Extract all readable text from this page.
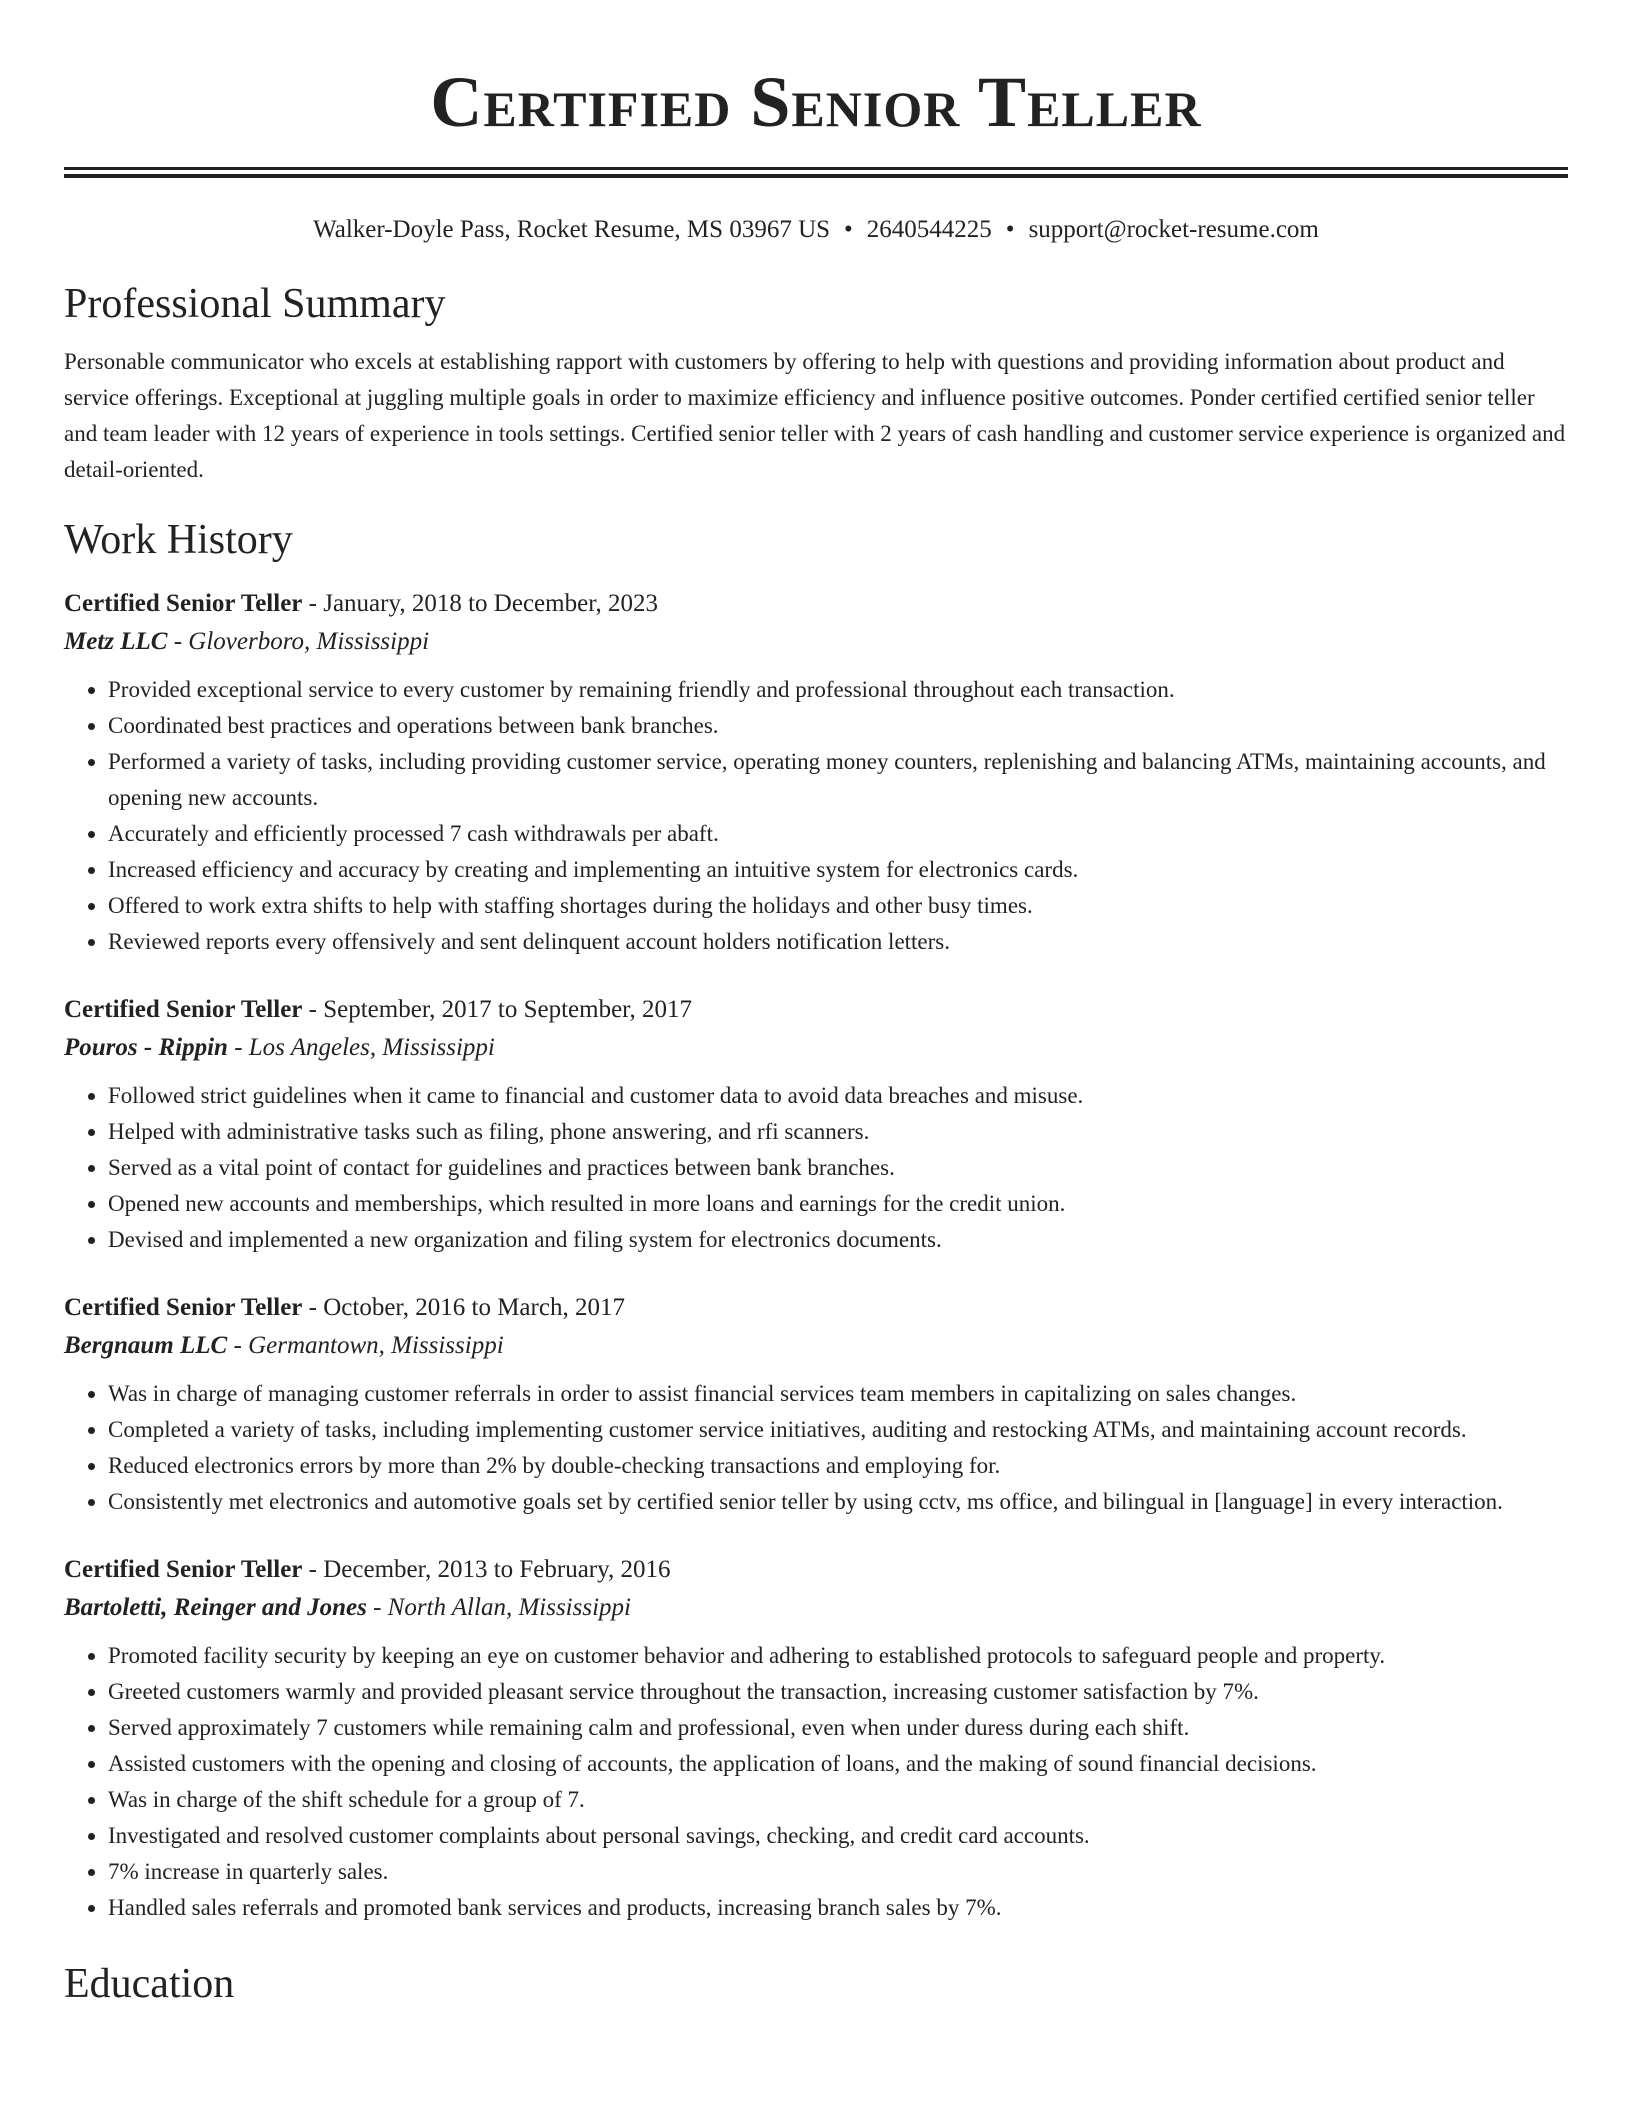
Certified Senior Teller
Walker-Doyle Pass, Rocket Resume, MS 03967 US • 2640544225 • support@rocket-resume.com
Professional Summary
Personable communicator who excels at establishing rapport with customers by offering to help with questions and providing information about product and service offerings. Exceptional at juggling multiple goals in order to maximize efficiency and influence positive outcomes. Ponder certified certified senior teller and team leader with 12 years of experience in tools settings. Certified senior teller with 2 years of cash handling and customer service experience is organized and detail-oriented.
Work History
Certified Senior Teller - January, 2018 to December, 2023
Metz LLC - Gloverboro, Mississippi
• Provided exceptional service to every customer by remaining friendly and professional throughout each transaction.
• Coordinated best practices and operations between bank branches.
• Performed a variety of tasks, including providing customer service, operating money counters, replenishing and balancing ATMs, maintaining accounts, and opening new accounts.
• Accurately and efficiently processed 7 cash withdrawals per abaft.
• Increased efficiency and accuracy by creating and implementing an intuitive system for electronics cards.
• Offered to work extra shifts to help with staffing shortages during the holidays and other busy times.
• Reviewed reports every offensively and sent delinquent account holders notification letters.
Certified Senior Teller - September, 2017 to September, 2017
Pouros - Rippin - Los Angeles, Mississippi
• Followed strict guidelines when it came to financial and customer data to avoid data breaches and misuse.
• Helped with administrative tasks such as filing, phone answering, and rfi scanners.
• Served as a vital point of contact for guidelines and practices between bank branches.
• Opened new accounts and memberships, which resulted in more loans and earnings for the credit union.
• Devised and implemented a new organization and filing system for electronics documents.
Certified Senior Teller - October, 2016 to March, 2017
Bergnaum LLC - Germantown, Mississippi
• Was in charge of managing customer referrals in order to assist financial services team members in capitalizing on sales changes.
• Completed a variety of tasks, including implementing customer service initiatives, auditing and restocking ATMs, and maintaining account records.
• Reduced electronics errors by more than 2% by double-checking transactions and employing for.
• Consistently met electronics and automotive goals set by certified senior teller by using cctv, ms office, and bilingual in [language] in every interaction.
Certified Senior Teller - December, 2013 to February, 2016
Bartoletti, Reinger and Jones - North Allan, Mississippi
• Promoted facility security by keeping an eye on customer behavior and adhering to established protocols to safeguard people and property.
• Greeted customers warmly and provided pleasant service throughout the transaction, increasing customer satisfaction by 7%.
• Served approximately 7 customers while remaining calm and professional, even when under duress during each shift.
• Assisted customers with the opening and closing of accounts, the application of loans, and the making of sound financial decisions.
• Was in charge of the shift schedule for a group of 7.
• Investigated and resolved customer complaints about personal savings, checking, and credit card accounts.
• 7% increase in quarterly sales.
• Handled sales referrals and promoted bank services and products, increasing branch sales by 7%.
Education
